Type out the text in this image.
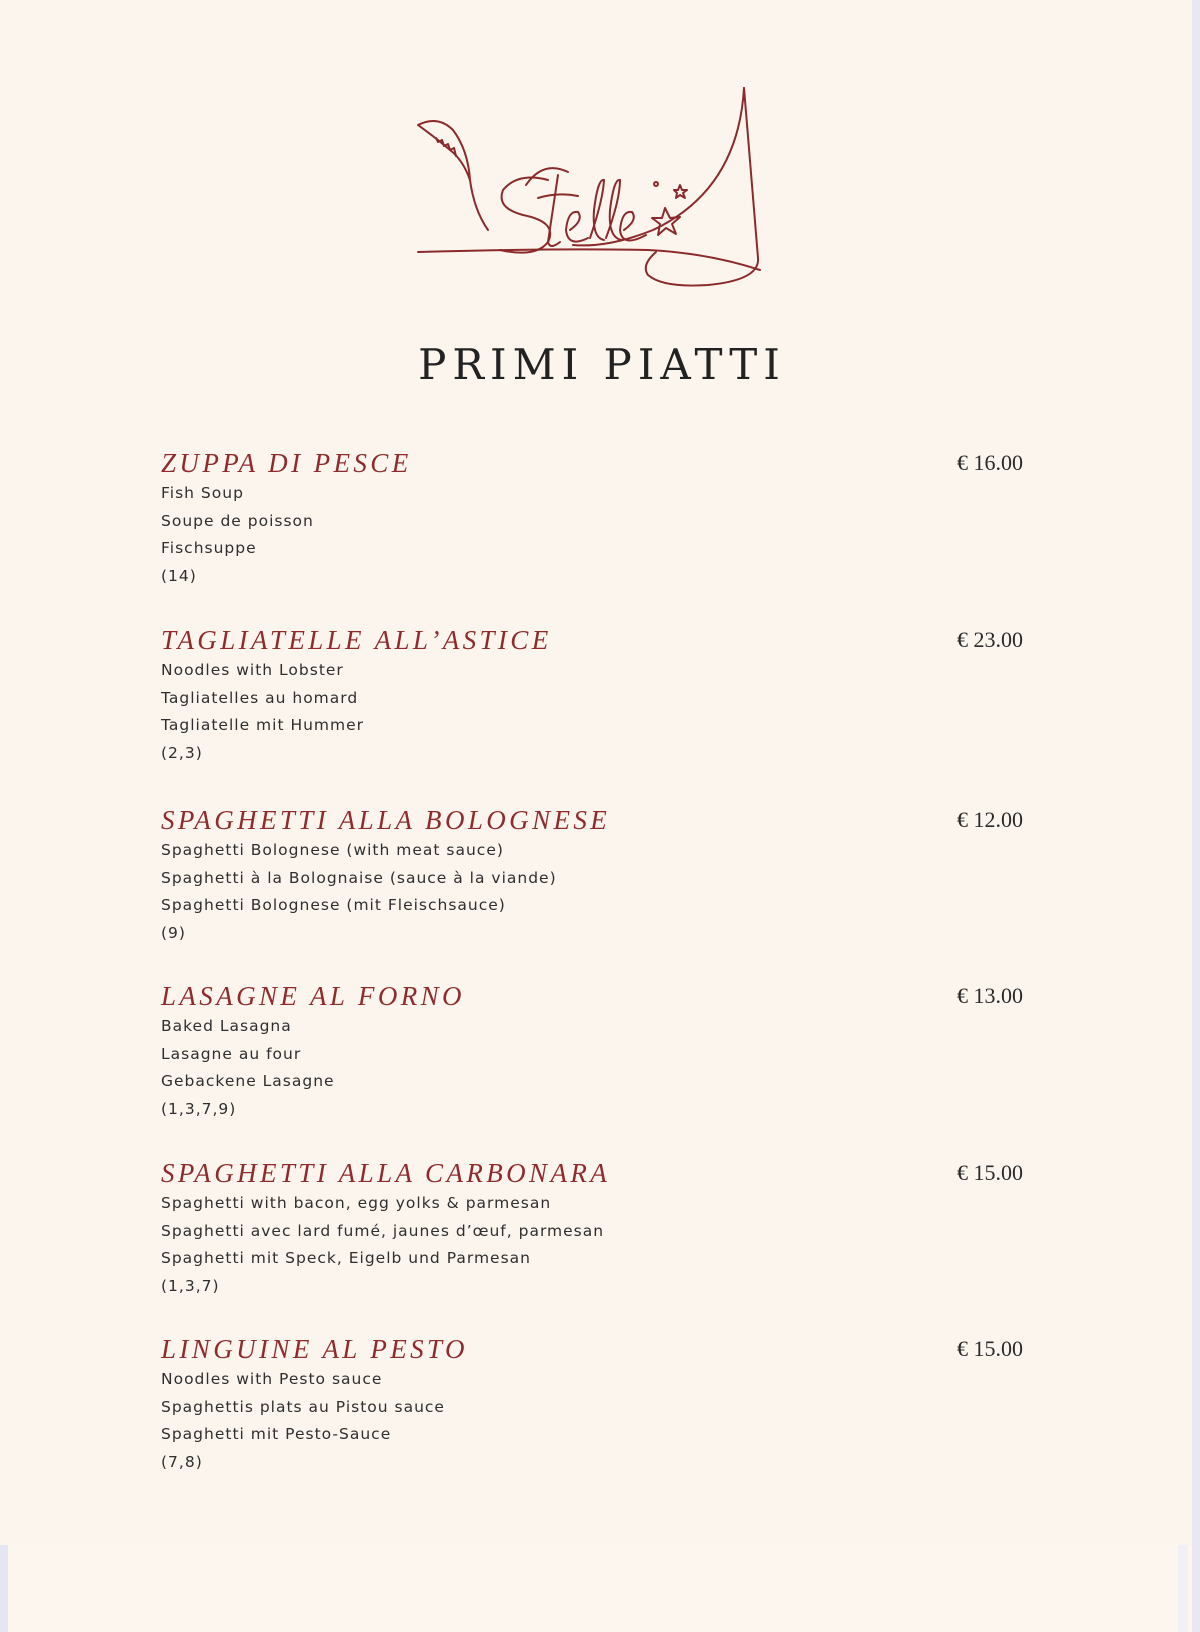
PRIMI PIATTI

ZUPPA DI PESCE	€ 16.00
Fish Soup
Soupe de poisson
Fischsuppe
(14)

TAGLIATELLE ALL’ASTICE	€ 23.00
Noodles with Lobster
Tagliatelles au homard
Tagliatelle mit Hummer
(2,3)

SPAGHETTI ALLA BOLOGNESE	€ 12.00
Spaghetti Bolognese (with meat sauce)
Spaghetti à la Bolognaise (sauce à la viande)
Spaghetti Bolognese (mit Fleischsauce)
(9)

LASAGNE AL FORNO	€ 13.00
Baked Lasagna
Lasagne au four
Gebackene Lasagne
(1,3,7,9)

SPAGHETTI ALLA CARBONARA	€ 15.00
Spaghetti with bacon, egg yolks & parmesan
Spaghetti avec lard fumé, jaunes d’œuf, parmesan
Spaghetti mit Speck, Eigelb und Parmesan
(1,3,7)

LINGUINE AL PESTO	€ 15.00
Noodles with Pesto sauce
Spaghettis plats au Pistou sauce
Spaghetti mit Pesto-Sauce
(7,8)
